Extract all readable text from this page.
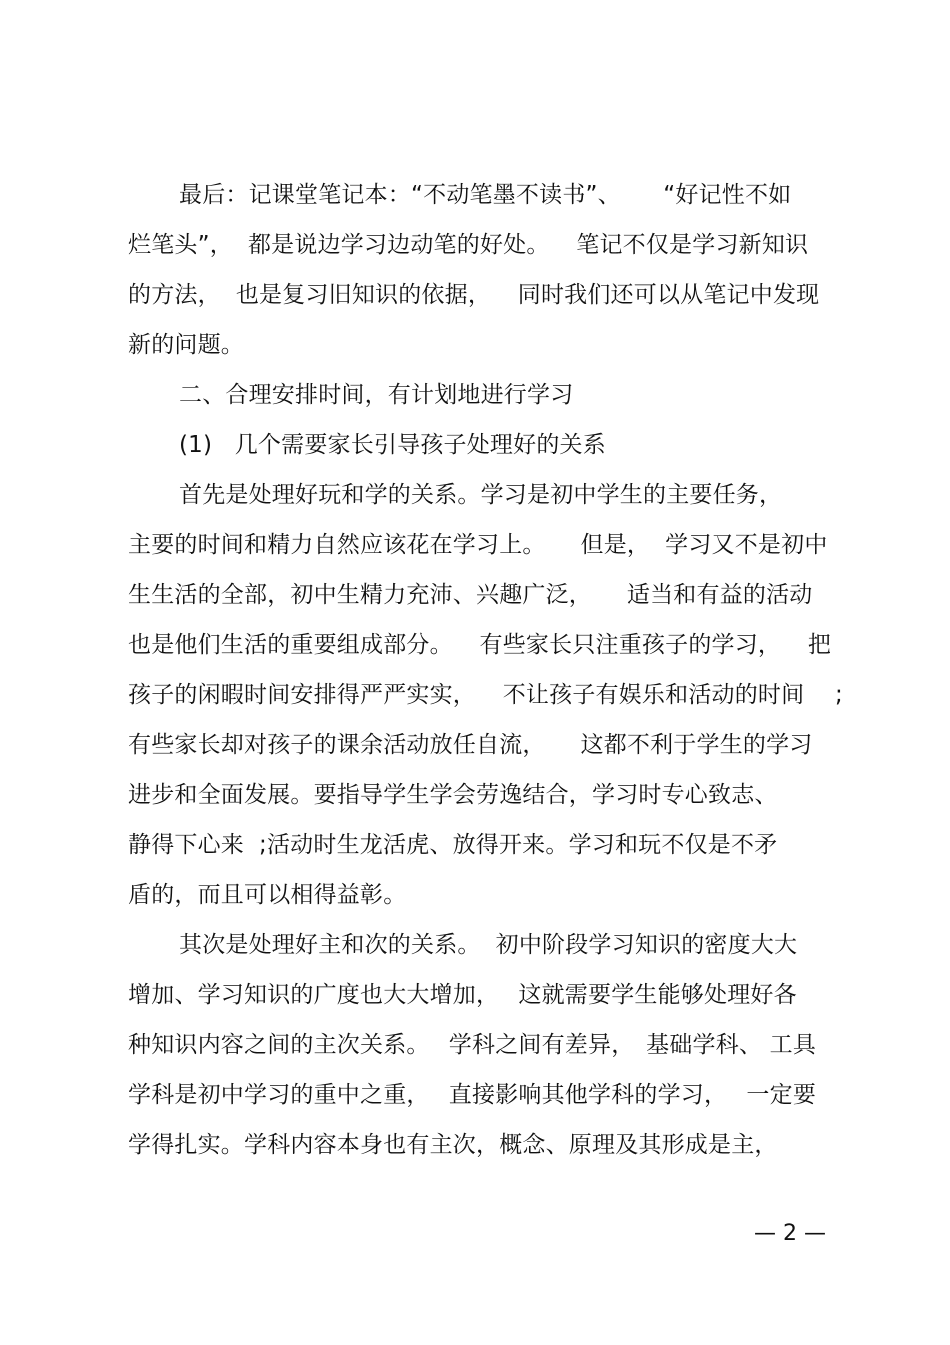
最后：记课堂笔记本：“不动笔墨不读书”、　　 “好记性不如
烂笔头”，  都是说边学习边动笔的好处。　  笔记不仅是学习新知识
的方法，  也是复习旧知识的依据，　  同时我们还可以从笔记中发现
新的问题。
二、合理安排时间，有计划地进行学习
(1)   几个需要家长引导孩子处理好的关系
首先是处理好玩和学的关系。学习是初中学生的主要任务，
主要的时间和精力自然应该花在学习上。　　但是，  学习又不是初中
生生活的全部，初中生精力充沛、兴趣广泛，　　适当和有益的活动
也是他们生活的重要组成部分。　  有些家长只注重孩子的学习，　  把
孩子的闲暇时间安排得严严实实，　  不让孩子有娱乐和活动的时间　 ;
有些家长却对孩子的课余活动放任自流，　　这都不利于学生的学习
进步和全面发展。要指导学生学会劳逸结合，学习时专心致志、
静得下心来  ;活动时生龙活虎、放得开来。学习和玩不仅是不矛
盾的，而且可以相得益彰。
其次是处理好主和次的关系。  初中阶段学习知识的密度大大
增加、学习知识的广度也大大增加，　 这就需要学生能够处理好各
种知识内容之间的主次关系。　 学科之间有差异，　基础学科、 工具
学科是初中学习的重中之重，　 直接影响其他学科的学习，　 一定要
学得扎实。学科内容本身也有主次，概念、原理及其形成是主，
— 2 —
